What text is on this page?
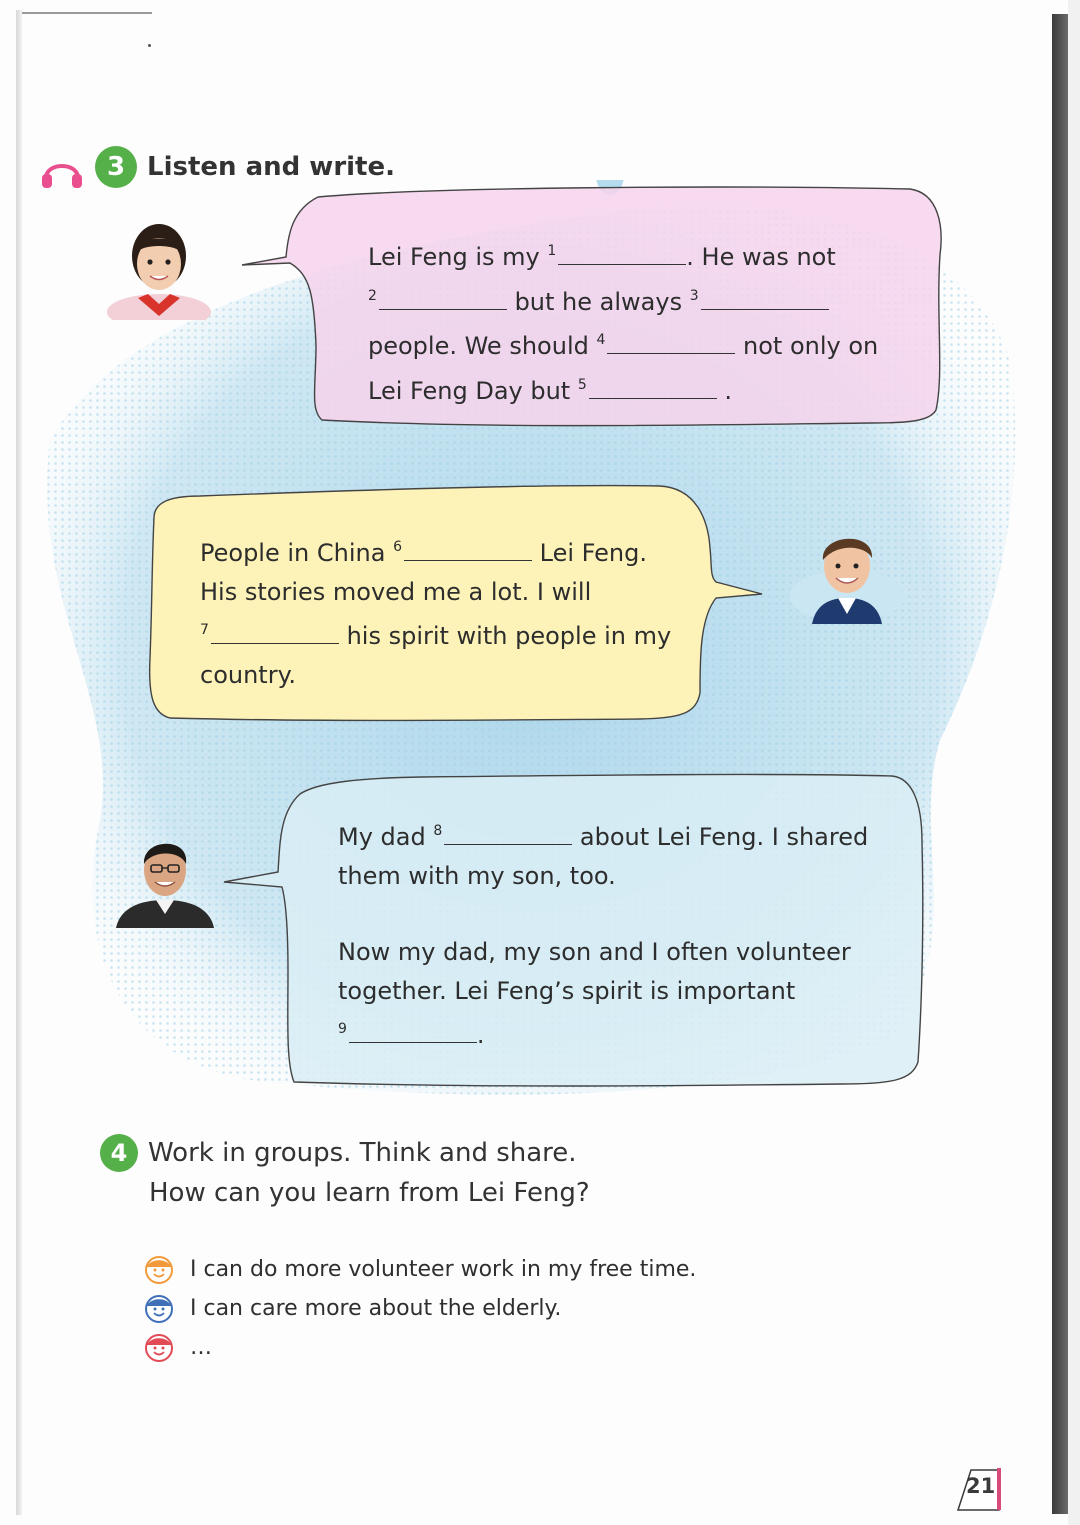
3 Listen and write.
Lei Feng is my $^1$	. He was not
$^2$	but he always $^3$
people. We should $^4$	not only on
Lei Feng Day but $^5$	.
People in China $^6$	Lei Feng.
His stories moved me a lot. I will
$^7$	his spirit with people in my
country.
My dad $^8$	about Lei Feng. I shared
them with my son, too.
Now my dad, my son and I often volunteer
together. Lei Feng’s spirit is important
$^9$	.
4 Work in groups. Think and share.
How can you learn from Lei Feng?
I can do more volunteer work in my free time.
I can care more about the elderly.
…
21
